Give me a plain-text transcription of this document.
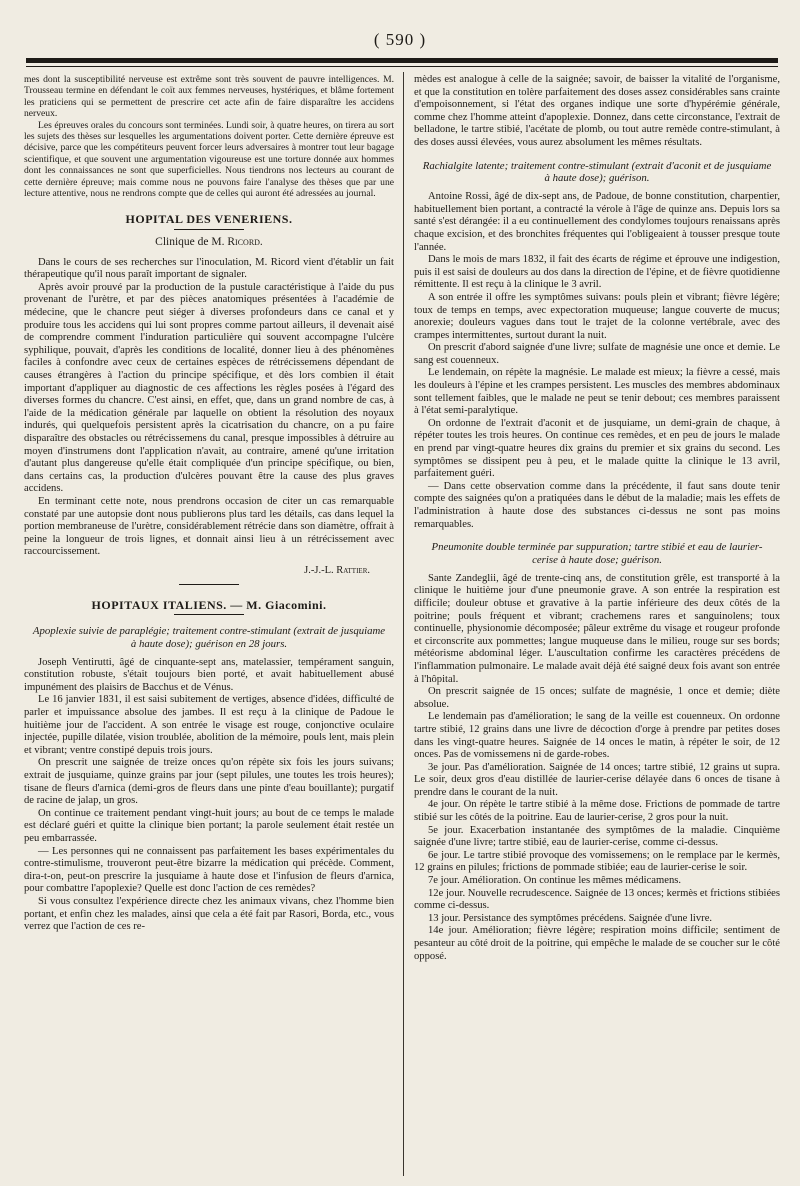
( 590 )

mes dont la susceptibilité nerveuse est extrême sont très souvent de pauvre intelligences. M. Trousseau termine en défendant le coït aux femmes nerveuses, hystériques, et blâme fortement les praticiens qui se permettent de prescrire cet acte afin de faire disparaître les accidens nerveux.

Les épreuves orales du concours sont terminées. Lundi soir, à quatre heures, on tirera au sort les sujets des thèses sur lesquelles les argumentations doivent porter. Cette dernière épreuve est décisive, parce que les compétiteurs peuvent forcer leurs adversaires à montrer tout leur bagage scientifique, et que souvent une argumentation vigoureuse est une torture donnée aux hommes dont les connaissances ne sont que superficielles. Nous tiendrons nos lecteurs au courant de cette dernière épreuve; mais comme nous ne pouvons faire l'analyse des thèses que par une lecture attentive, nous ne rendrons compte que de celles qui auront été adressées au journal.

HOPITAL DES VENERIENS.
Clinique de M. Ricord.

Dans le cours de ses recherches sur l'inoculation, M. Ricord vient d'établir un fait thérapeutique qu'il nous paraît important de signaler.

Après avoir prouvé par la production de la pustule caractéristique à l'aide du pus provenant de l'urètre, et par des pièces anatomiques présentées à l'académie de médecine, que le chancre peut siéger à diverses profondeurs dans ce canal et y produire tous les accidens qui lui sont propres comme partout ailleurs, il devenait aisé de comprendre comment l'induration particulière qui souvent accompagne l'ulcère syphilique, pouvait, d'après les conditions de localité, donner lieu à des phénomènes faciles à confondre avec ceux de certaines espèces de rétrécissemens dépendant de causes étrangères à l'action du principe spécifique, et dès lors combien il était important d'appliquer au diagnostic de ces affections les règles posées à l'égard des diverses formes du chancre. C'est ainsi, en effet, que, dans un grand nombre de cas, à l'aide de la médication générale par laquelle on obtient la résolution des noyaux indurés, qui quelquefois persistent après la cicatrisation du chancre, on a pu faire disparaître des obstacles ou rétrécissemens du canal, presque impossibles à détruire au moyen d'instrumens dont l'application n'avait, au contraire, amené qu'une irritation d'autant plus dangereuse qu'elle était compliquée d'un principe spécifique, ou bien, dans certains cas, la production d'ulcères pouvant être la cause des plus graves accidens.

En terminant cette note, nous prendrons occasion de citer un cas remarquable constaté par une autopsie dont nous publierons plus tard les détails, cas dans lequel la portion membraneuse de l'urètre, considérablement rétrécie dans son diamètre, offrait à peine la longueur de trois lignes, et donnait ainsi lieu à un rétrécissement avec raccourcissement.

J.-J.-L. Rattier.
HOPITAUX ITALIENS. — M. Giacomini.

Apoplexie suivie de paraplégie; traitement contre-stimulant (extrait de jusquiame à haute dose); guérison en 28 jours.

Joseph Ventirutti, âgé de cinquante-sept ans, matelassier, tempérament sanguin, constitution robuste, s'était toujours bien porté, et avait habituellement abusé impunément des plaisirs de Bacchus et de Vénus.

Le 16 janvier 1831, il est saisi subitement de vertiges, absence d'idées, difficulté de parler et impuissance absolue des jambes. Il est reçu à la clinique de Padoue le huitième jour de l'accident. A son entrée le visage est rouge, conjonctive oculaire injectée, pupille dilatée, vision troublée, abolition de la mémoire, pouls lent, mais plein et vibrant; ventre constipé depuis trois jours.

On prescrit une saignée de treize onces qu'on répète six fois les jours suivans; extrait de jusquiame, quinze grains par jour (sept pilules, une toutes les trois heures); tisane de fleurs d'arnica (demi-gros de fleurs dans une pinte d'eau bouillante); purgatif de racine de jalap, un gros.

On continue ce traitement pendant vingt-huit jours; au bout de ce temps le malade est déclaré guéri et quitte la clinique bien portant; la parole seulement était restée un peu embarrassée.

— Les personnes qui ne connaissent pas parfaitement les bases expérimentales du contre-stimulisme, trouveront peut-être bizarre la médication qui précède. Comment, dira-t-on, peut-on prescrire la jusquiame à haute dose et l'infusion de fleurs d'arnica, pour combattre l'apoplexie? Quelle est donc l'action de ces remèdes?

Si vous consultez l'expérience directe chez les animaux vivans, chez l'homme bien portant, et enfin chez les malades, ainsi que cela a été fait par Rasori, Borda, etc., vous verrez que l'action de ces re-

mèdes est analogue à celle de la saignée; savoir, de baisser la vitalité de l'organisme, et que la constitution en tolère parfaitement des doses assez considérables sans crainte d'empoisonnement, si l'état des organes indique une sorte d'hypérémie générale, comme chez l'homme atteint d'apoplexie. Donnez, dans cette circonstance, l'extrait de belladone, le tartre stibié, l'acétate de plomb, ou tout autre remède contre-stimulant, à des doses aussi élevées, vous aurez absolument les mêmes résultats.

Rachialgite latente; traitement contre-stimulant (extrait d'aconit et de jusquiame à haute dose); guérison.

Antoine Rossi, âgé de dix-sept ans, de Padoue, de bonne constitution, charpentier, habituellement bien portant, a contracté la vérole à l'âge de quinze ans. Depuis lors sa santé s'est dérangée: il a eu continuellement des condylomes toujours renaissans après chaque excision, et des bronchites fréquentes qui l'obligeaient à tousser presque toute l'année.

Dans le mois de mars 1832, il fait des écarts de régime et éprouve une indigestion, puis il est saisi de douleurs au dos dans la direction de l'épine, et de fièvre quotidienne rémittente. Il est reçu à la clinique le 3 avril.

A son entrée il offre les symptômes suivans: pouls plein et vibrant; fièvre légère; toux de temps en temps, avec expectoration muqueuse; langue couverte de mucus; anorexie; douleurs vagues dans tout le trajet de la colonne vertébrale, avec des crampes intermittentes, surtout durant la nuit.

On prescrit d'abord saignée d'une livre; sulfate de magnésie une once et demie. Le sang est couenneux.

Le lendemain, on répète la magnésie. Le malade est mieux; la fièvre a cessé, mais les douleurs à l'épine et les crampes persistent. Les muscles des membres abdominaux sont tellement faibles, que le malade ne peut se tenir debout; ces membres paraissent à l'état semi-paralytique.

On ordonne de l'extrait d'aconit et de jusquiame, un demi-grain de chaque, à répéter toutes les trois heures. On continue ces remèdes, et en peu de jours le malade en prend par vingt-quatre heures dix grains du premier et six grains du second. Les symptômes se dissipent peu à peu, et le malade quitte la clinique le 13 avril, parfaitement guéri.

— Dans cette observation comme dans la précédente, il faut sans doute tenir compte des saignées qu'on a pratiquées dans le début de la maladie; mais les effets de l'administration à haute dose des substances ci-dessus ne sont pas moins remarquables.

Pneumonite double terminée par suppuration; tartre stibié et eau de laurier-cerise à haute dose; guérison.

Sante Zandeglii, âgé de trente-cinq ans, de constitution grêle, est transporté à la clinique le huitième jour d'une pneumonie grave. A son entrée la respiration est difficile; douleur obtuse et gravative à la partie inférieure des deux côtés de la poitrine; pouls fréquent et vibrant; crachemens rares et sanguinolens; toux continuelle, physionomie décomposée; pâleur extrême du visage et rougeur profonde et circonscrite aux pommettes; langue muqueuse dans le milieu, rouge sur ses bords; météorisme abdominal léger. L'auscultation confirme les caractères précédens de l'inflammation pulmonaire. Le malade avait déjà été saigné deux fois avant son entrée à l'hôpital.

On prescrit saignée de 15 onces; sulfate de magnésie, 1 once et demie; diète absolue.

Le lendemain pas d'amélioration; le sang de la veille est couenneux. On ordonne tartre stibié, 12 grains dans une livre de décoction d'orge à prendre par petites doses dans les vingt-quatre heures. Saignée de 14 onces le matin, à répéter le soir, de 12 onces. Pas de vomissemens ni de garde-robes.

3e jour. Pas d'amélioration. Saignée de 14 onces; tartre stibié, 12 grains ut supra. Le soir, deux gros d'eau distillée de laurier-cerise délayée dans 6 onces de tisane à prendre dans le courant de la nuit.

4e jour. On répète le tartre stibié à la même dose. Frictions de pommade de tartre stibié sur les côtés de la poitrine. Eau de laurier-cerise, 2 gros pour la nuit.

5e jour. Exacerbation instantanée des symptômes de la maladie. Cinquième saignée d'une livre; tartre stibié, eau de laurier-cerise, comme ci-dessus.

6e jour. Le tartre stibié provoque des vomissemens; on le remplace par le kermès, 12 grains en pilules; frictions de pommade stibiée; eau de laurier-cerise le soir.

7e jour. Amélioration. On continue les mêmes médicamens.

12e jour. Nouvelle recrudescence. Saignée de 13 onces; kermès et frictions stibiées comme ci-dessus.

13 jour. Persistance des symptômes précédens. Saignée d'une livre.

14e jour. Amélioration; fièvre légère; respiration moins difficile; sentiment de pesanteur au côté droit de la poitrine, qui empêche le malade de se coucher sur le côté opposé.
